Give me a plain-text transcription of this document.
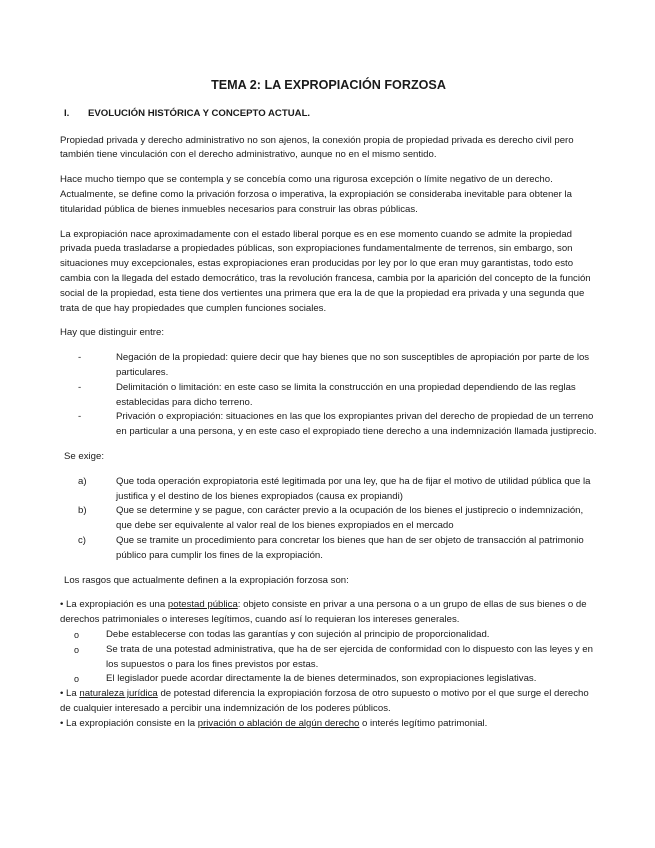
TEMA 2: LA EXPROPIACIÓN FORZOSA
I. EVOLUCIÓN HISTÓRICA Y CONCEPTO ACTUAL.

Propiedad privada y derecho administrativo no son ajenos, la conexión propia de propiedad privada es derecho civil pero también tiene vinculación con el derecho administrativo, aunque no en el mismo sentido.

Hace mucho tiempo que se contempla y se concebía como una rigurosa excepción o límite negativo de un derecho. Actualmente, se define como la privación forzosa o imperativa, la expropiación se consideraba inevitable para obtener la titularidad pública de bienes inmuebles necesarios para construir las obras públicas.

La expropiación nace aproximadamente con el estado liberal porque es en ese momento cuando se admite la propiedad privada pueda trasladarse a propiedades públicas, son expropiaciones fundamentalmente de terrenos, sin embargo, son situaciones muy excepcionales, estas expropiaciones eran producidas por ley por lo que eran muy garantistas, todo esto cambia con la llegada del estado democrático, tras la revolución francesa, cambia por la aparición del concepto de la función social de la propiedad, esta tiene dos vertientes una primera que era la de que la propiedad era privada y una segunda que trata de que hay propiedades que cumplen funciones sociales.

Hay que distinguir entre:

-	Negación de la propiedad: quiere decir que hay bienes que no son susceptibles de apropiación por parte de los particulares.
-	Delimitación o limitación: en este caso se limita la construcción en una propiedad dependiendo de las reglas establecidas para dicho terreno.
-	Privación o expropiación: situaciones en las que los expropiantes privan del derecho de propiedad de un terreno en particular a una persona, y en este caso el expropiado tiene derecho a una indemnización llamada justiprecio.
Se exige:
a)	Que toda operación expropiatoria esté legitimada por una ley, que ha de fijar el motivo de utilidad pública que la justifica y el destino de los bienes expropiados (causa ex propiandi)
b)	Que se determine y se pague, con carácter previo a la ocupación de los bienes el justiprecio o indemnización, que debe ser equivalente al valor real de los bienes expropiados en el mercado
c)	Que se tramite un procedimiento para concretar los bienes que han de ser objeto de transacción al patrimonio público para cumplir los fines de la expropiación.
Los rasgos que actualmente definen a la expropiación forzosa son:
• La expropiación es una potestad pública: objeto consiste en privar a una persona o a un grupo de ellas de sus bienes o de derechos patrimoniales o intereses legítimos, cuando así lo requieran los intereses generales.
o	Debe establecerse con todas las garantías y con sujeción al principio de proporcionalidad.
o	Se trata de una potestad administrativa, que ha de ser ejercida de conformidad con lo dispuesto con las leyes y en los supuestos o para los fines previstos por estas.
o	El legislador puede acordar directamente la de bienes determinados, son expropiaciones legislativas.
• La naturaleza jurídica de potestad diferencia la expropiación forzosa de otro supuesto o motivo por el que surge el derecho de cualquier interesado a percibir una indemnización de los poderes públicos.
• La expropiación consiste en la privación o ablación de algún derecho o interés legítimo patrimonial.
